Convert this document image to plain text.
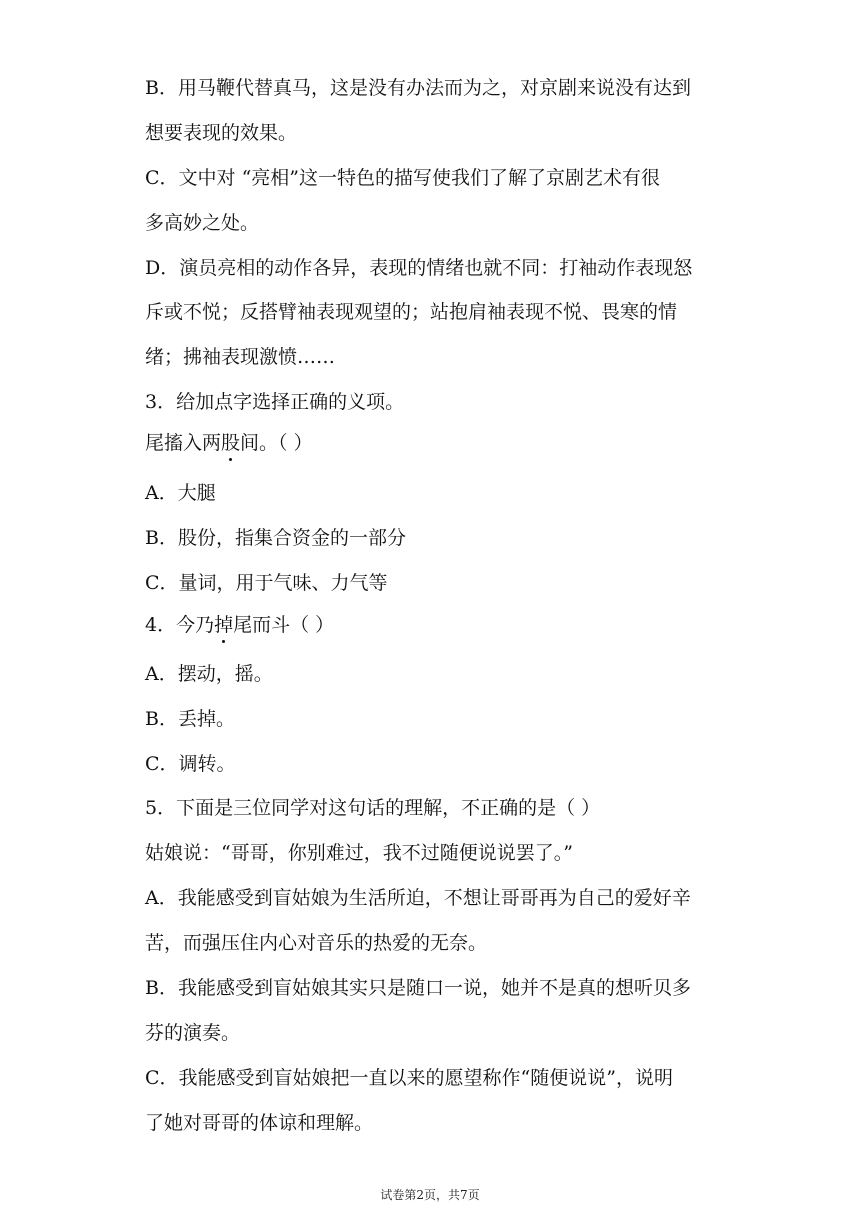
B．用马鞭代替真马，这是没有办法而为之，对京剧来说没有达到
想要表现的效果。
C．文中对 “亮相”这一特色的描写使我们了解了京剧艺术有很
多高妙之处。
D．演员亮相的动作各异，表现的情绪也就不同：打袖动作表现怒
斥或不悦；反搭臂袖表现观望的；站抱肩袖表现不悦、畏寒的情
绪；拂袖表现激愤……
3．给加点字选择正确的义项。
尾搐入两股间。（ ）
A．大腿
B．股份，指集合资金的一部分
C．量词，用于气味、力气等
4．今乃掉尾而斗（ ）
A．摆动，摇。
B．丢掉。
C．调转。
5．下面是三位同学对这句话的理解，不正确的是（ ）
姑娘说：“哥哥，你别难过，我不过随便说说罢了。”
A．我能感受到盲姑娘为生活所迫，不想让哥哥再为自己的爱好辛
苦，而强压住内心对音乐的热爱的无奈。
B．我能感受到盲姑娘其实只是随口一说，她并不是真的想听贝多
芬的演奏。
C．我能感受到盲姑娘把一直以来的愿望称作“随便说说”，说明
了她对哥哥的体谅和理解。
试卷第2页，共7页
